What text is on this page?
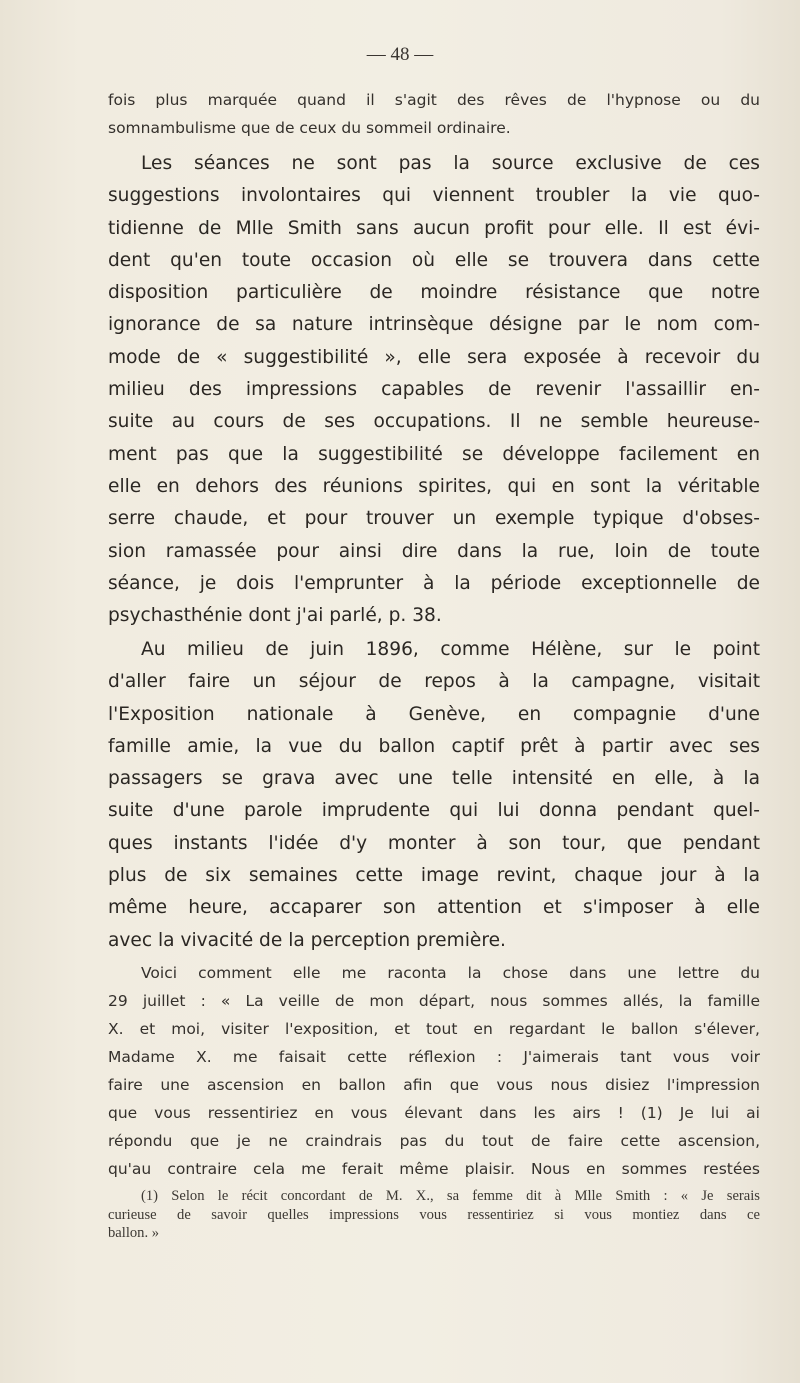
— 48 —
fois plus marquée quand il s'agit des rêves de l'hypnose ou du
somnambulisme que de ceux du sommeil ordinaire.
Les séances ne sont pas la source exclusive de ces
suggestions involontaires qui viennent troubler la vie quo-
tidienne de Mlle Smith sans aucun profit pour elle. Il est évi-
dent qu'en toute occasion où elle se trouvera dans cette
disposition particulière de moindre résistance que notre
ignorance de sa nature intrinsèque désigne par le nom com-
mode de « suggestibilité », elle sera exposée à recevoir du
milieu des impressions capables de revenir l'assaillir en-
suite au cours de ses occupations. Il ne semble heureuse-
ment pas que la suggestibilité se développe facilement en
elle en dehors des réunions spirites, qui en sont la véritable
serre chaude, et pour trouver un exemple typique d'obses-
sion ramassée pour ainsi dire dans la rue, loin de toute
séance, je dois l'emprunter à la période exceptionnelle de
psychasthénie dont j'ai parlé, p. 38.
Au milieu de juin 1896, comme Hélène, sur le point
d'aller faire un séjour de repos à la campagne, visitait
l'Exposition nationale à Genève, en compagnie d'une
famille amie, la vue du ballon captif prêt à partir avec ses
passagers se grava avec une telle intensité en elle, à la
suite d'une parole imprudente qui lui donna pendant quel-
ques instants l'idée d'y monter à son tour, que pendant
plus de six semaines cette image revint, chaque jour à la
même heure, accaparer son attention et s'imposer à elle
avec la vivacité de la perception première.
Voici comment elle me raconta la chose dans une lettre du
29 juillet : « La veille de mon départ, nous sommes allés, la famille
X. et moi, visiter l'exposition, et tout en regardant le ballon s'élever,
Madame X. me faisait cette réflexion : J'aimerais tant vous voir
faire une ascension en ballon afin que vous nous disiez l'impression
que vous ressentiriez en vous élevant dans les airs ! (1) Je lui ai
répondu que je ne craindrais pas du tout de faire cette ascension,
qu'au contraire cela me ferait même plaisir. Nous en sommes restées
(1) Selon le récit concordant de M. X., sa femme dit à Mlle Smith : « Je serais
curieuse de savoir quelles impressions vous ressentiriez si vous montiez dans ce
ballon. »
